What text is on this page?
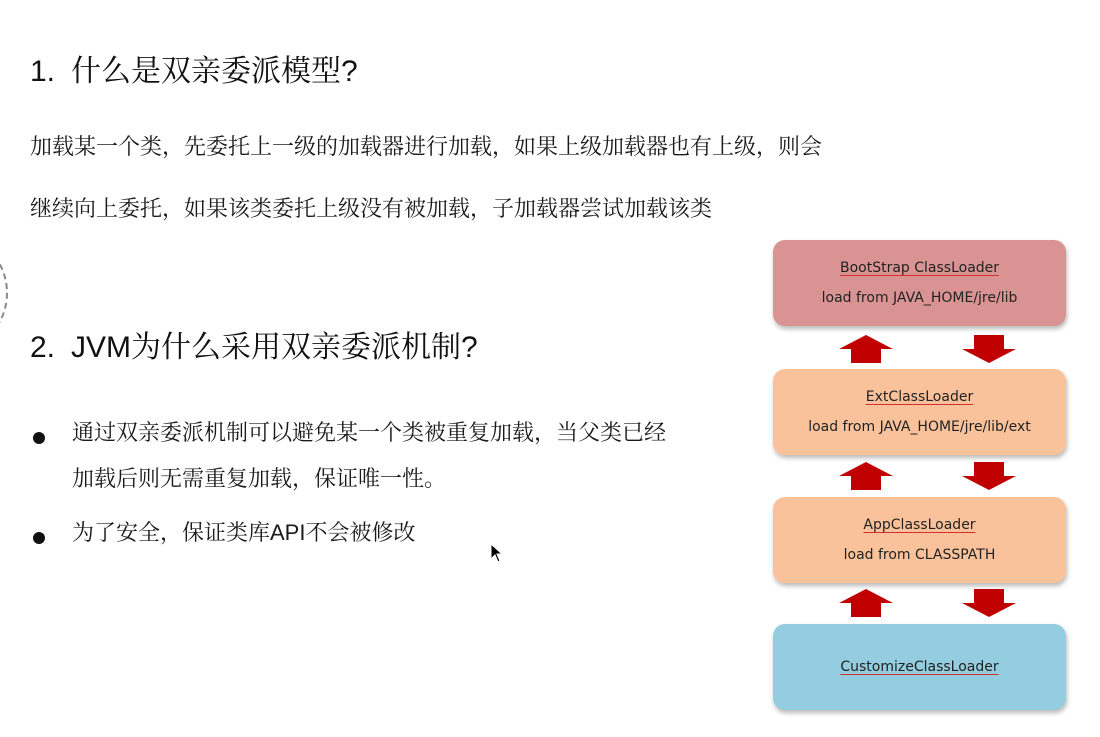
1. 什么是双亲委派模型?

加载某一个类，先委托上一级的加载器进行加载，如果上级加载器也有上级，则会

继续向上委托，如果该类委托上级没有被加载，子加载器尝试加载该类

2. JVM为什么采用双亲委派机制?
通过双亲委派机制可以避免某一个类被重复加载，当父类已经
加载后则无需重复加载，保证唯一性。
为了安全，保证类库API不会被修改
BootStrap ClassLoader
load from JAVA_HOME/jre/lib
ExtClassLoader
load from JAVA_HOME/jre/lib/ext
AppClassLoader
load from CLASSPATH
CustomizeClassLoader
